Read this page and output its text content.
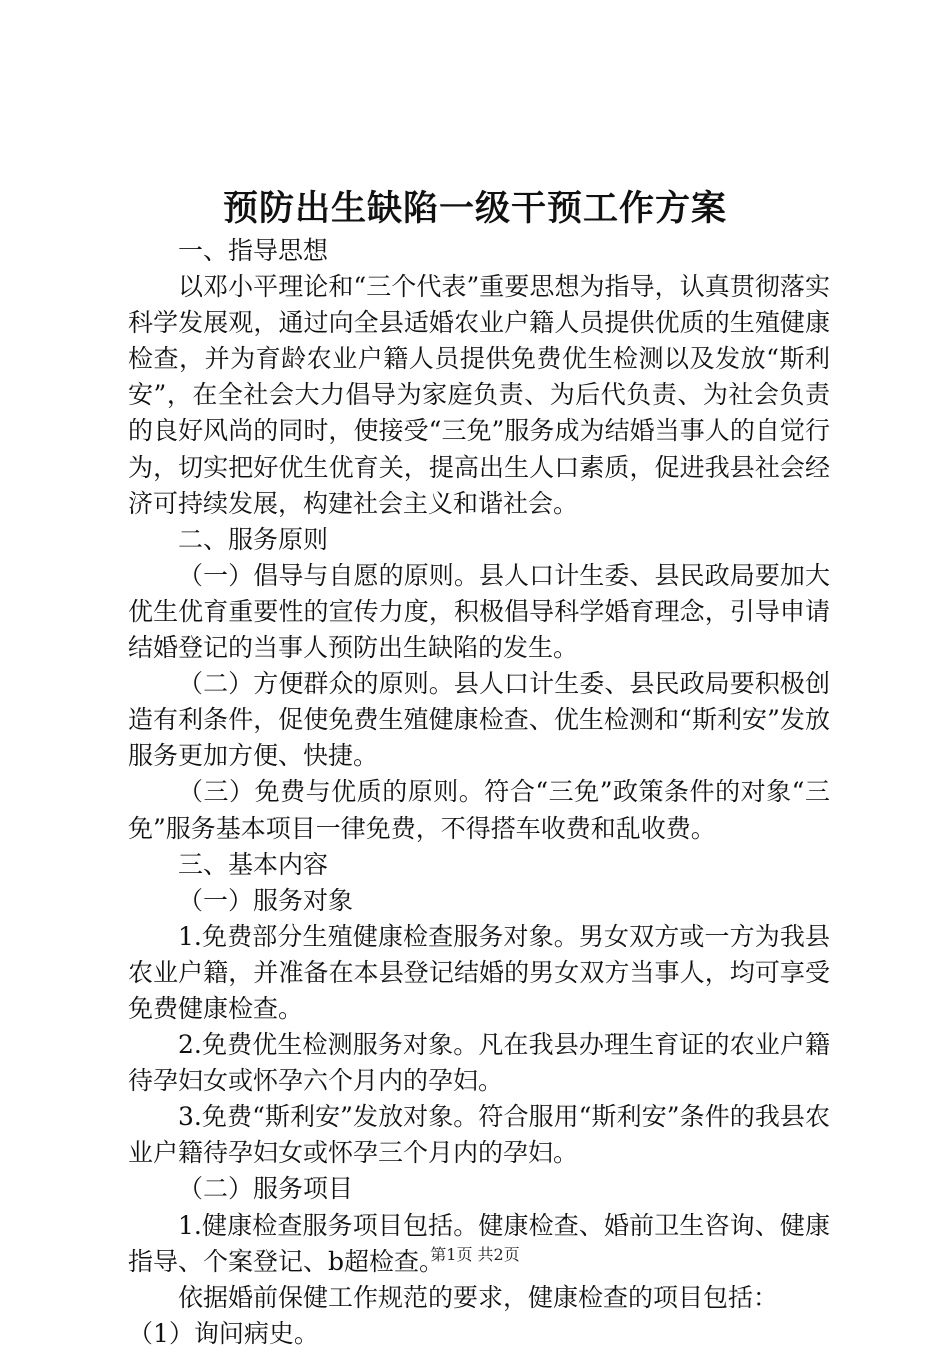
预防出生缺陷一级干预工作方案

一、指导思想

以邓小平理论和“三个代表”重要思想为指导，认真贯彻落实科学发展观，通过向全县适婚农业户籍人员提供优质的生殖健康检查，并为育龄农业户籍人员提供免费优生检测以及发放“斯利安”，在全社会大力倡导为家庭负责、为后代负责、为社会负责的良好风尚的同时，使接受“三免”服务成为结婚当事人的自觉行为，切实把好优生优育关，提高出生人口素质，促进我县社会经济可持续发展，构建社会主义和谐社会。

二、服务原则

（一）倡导与自愿的原则。县人口计生委、县民政局要加大优生优育重要性的宣传力度，积极倡导科学婚育理念，引导申请结婚登记的当事人预防出生缺陷的发生。

（二）方便群众的原则。县人口计生委、县民政局要积极创造有利条件，促使免费生殖健康检查、优生检测和“斯利安”发放服务更加方便、快捷。

（三）免费与优质的原则。符合“三免”政策条件的对象“三免”服务基本项目一律免费，不得搭车收费和乱收费。

三、基本内容

（一）服务对象

1.免费部分生殖健康检查服务对象。男女双方或一方为我县农业户籍，并准备在本县登记结婚的男女双方当事人，均可享受免费健康检查。

2.免费优生检测服务对象。凡在我县办理生育证的农业户籍待孕妇女或怀孕六个月内的孕妇。

3.免费“斯利安”发放对象。符合服用“斯利安”条件的我县农业户籍待孕妇女或怀孕三个月内的孕妇。

（二）服务项目

1.健康检查服务项目包括。健康检查、婚前卫生咨询、健康指导、个案登记、b超检查。

依据婚前保健工作规范的要求，健康检查的项目包括：

（1）询问病史。

第1页 共2页
